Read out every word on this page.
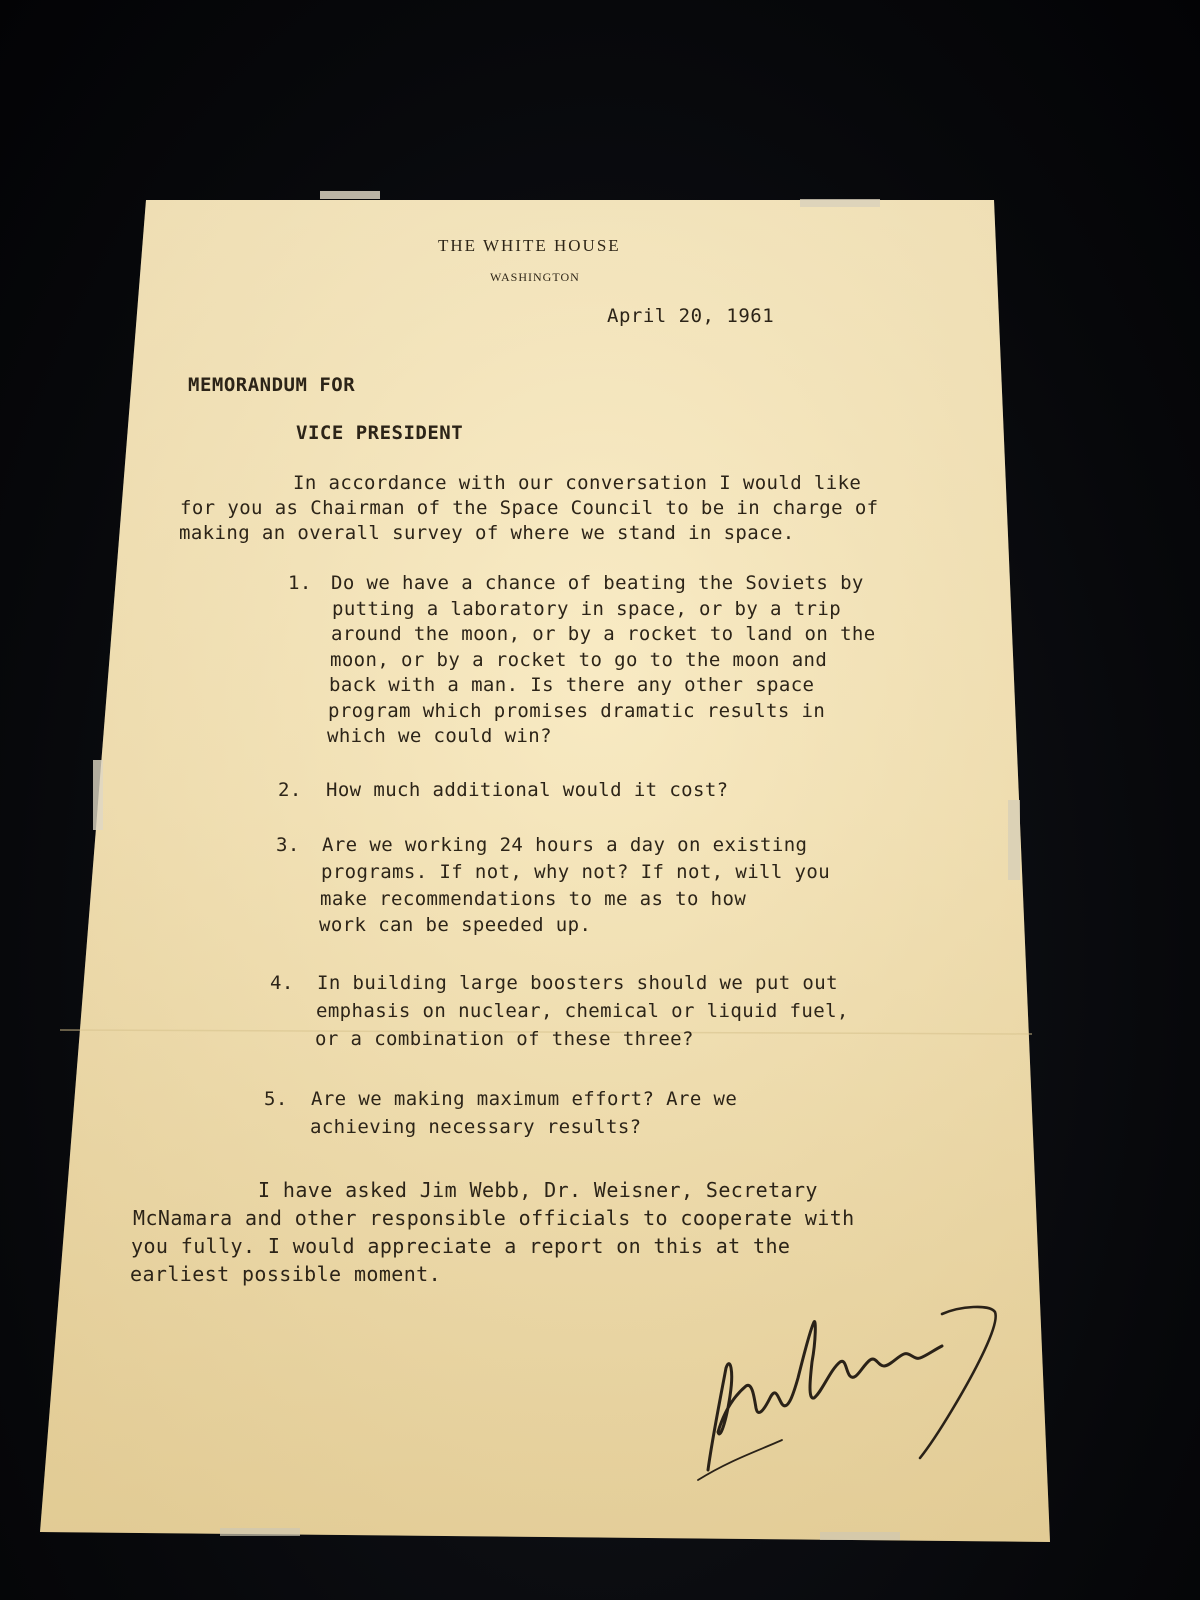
THE WHITE HOUSE
WASHINGTON
April 20, 1961
MEMORANDUM FOR
VICE PRESIDENT
In accordance with our conversation I would like
for you as Chairman of the Space Council to be in charge of
making an overall survey of where we stand in space.
1. Do we have a chance of beating the Soviets by
putting a laboratory in space, or by a trip
around the moon, or by a rocket to land on the
moon, or by a rocket to go to the moon and
back with a man. Is there any other space
program which promises dramatic results in
which we could win?
2. How much additional would it cost?
3. Are we working 24 hours a day on existing
programs. If not, why not? If not, will you
make recommendations to me as to how
work can be speeded up.
4. In building large boosters should we put out
emphasis on nuclear, chemical or liquid fuel,
or a combination of these three?
5. Are we making maximum effort? Are we
achieving necessary results?
I have asked Jim Webb, Dr. Weisner, Secretary
McNamara and other responsible officials to cooperate with
you fully. I would appreciate a report on this at the
earliest possible moment.
